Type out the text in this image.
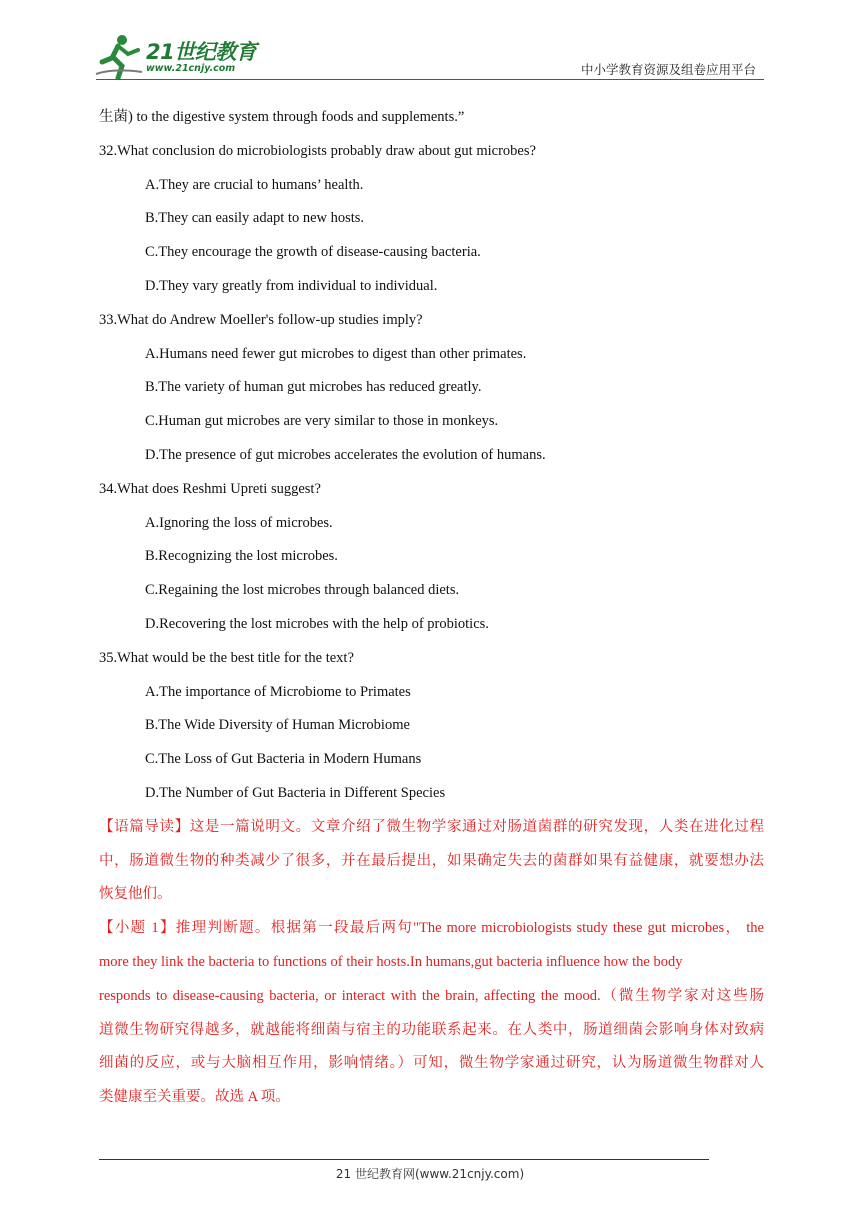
21世纪教育
www.21cnjy.com	中小学教育资源及组卷应用平台
生菌) to the digestive system through foods and supplements.”
32.What conclusion do microbiologists probably draw about gut microbes?
A.They are crucial to humans’ health.
B.They can easily adapt to new hosts.
C.They encourage the growth of disease-causing bacteria.
D.They vary greatly from individual to individual.
33.What do Andrew Moeller's follow-up studies imply?
A.Humans need fewer gut microbes to digest than other primates.
B.The variety of human gut microbes has reduced greatly.
C.Human gut microbes are very similar to those in monkeys.
D.The presence of gut microbes accelerates the evolution of humans.
34.What does Reshmi Upreti suggest?
A.Ignoring the loss of microbes.
B.Recognizing the lost microbes.
C.Regaining the lost microbes through balanced diets.
D.Recovering the lost microbes with the help of probiotics.
35.What would be the best title for the text?
A.The importance of Microbiome to Primates
B.The Wide Diversity of Human Microbiome
C.The Loss of Gut Bacteria in Modern Humans
D.The Number of Gut Bacteria in Different Species
【语篇导读】这是一篇说明文。文章介绍了微生物学家通过对肠道菌群的研究发现，人类在进化过程
中，肠道微生物的种类减少了很多，并在最后提出，如果确定失去的菌群如果有益健康，就要想办法
恢复他们。
【小题 1】推理判断题。根据第一段最后两句"The more microbiologists study these gut microbes， the
more they link the bacteria to functions of their hosts.In humans,gut bacteria influence how the body
responds to disease-causing bacteria, or interact with the brain, affecting the mood.（微生物学家对这些肠
道微生物研究得越多，就越能将细菌与宿主的功能联系起来。在人类中，肠道细菌会影响身体对致病
细菌的反应，或与大脑相互作用，影响情绪。）可知，微生物学家通过研究，认为肠道微生物群对人
类健康至关重要。故选 A 项。
21 世纪教育网(www.21cnjy.com)
